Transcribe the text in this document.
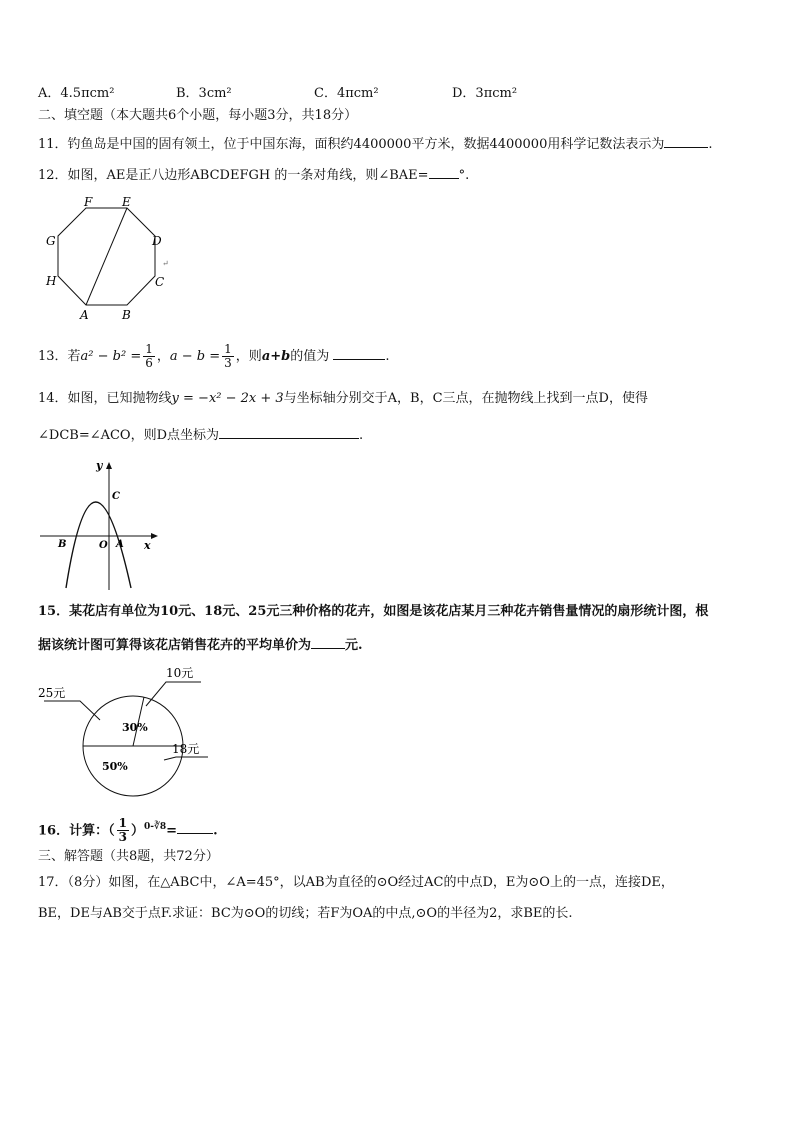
A．4.5πcm²	B．3cm²	C．4πcm²	D．3πcm²
二、填空题（本大题共6个小题，每小题3分，共18分）
11．钓鱼岛是中国的固有领土，位于中国东海，面积约4400000平方米，数据4400000用科学记数法表示为	.
12．如图，AE是正八边形ABCDEFGH 的一条对角线，则∠BAE= °.
A	B
C
D
E
F
G
H
↵
13．若$a^2 - b^2 = \frac{1}{6}$ ，$a - b = \frac{1}{3}$ ，则a+b的值为	.
14．如图，已知抛物线y = −x² − 2x + 3与坐标轴分别交于A，B，C三点，在抛物线上找到一点D，使得
∠DCB=∠ACO，则D点坐标为	.
y
x
C
B	O A
15．某花店有单位为10元、18元、25元三种价格的花卉，如图是该花店某月三种花卉销售量情况的扇形统计图，根
据该统计图可算得该花店销售花卉的平均单价为	元.
10元
25元
18元
30%
50%
16．计算：（ $\frac{1}{3} )^{0-∛8}=$	.
三、解答题（共8题，共72分）
17．（8分）如图，在△ABC中，∠A=45°，以AB为直径的⊙O经过AC的中点D，E为⊙O上的一点，连接DE，
BE，DE与AB交于点F.求证：BC为⊙O的切线；若F为OA的中点,⊙O的半径为2，求BE的长.
